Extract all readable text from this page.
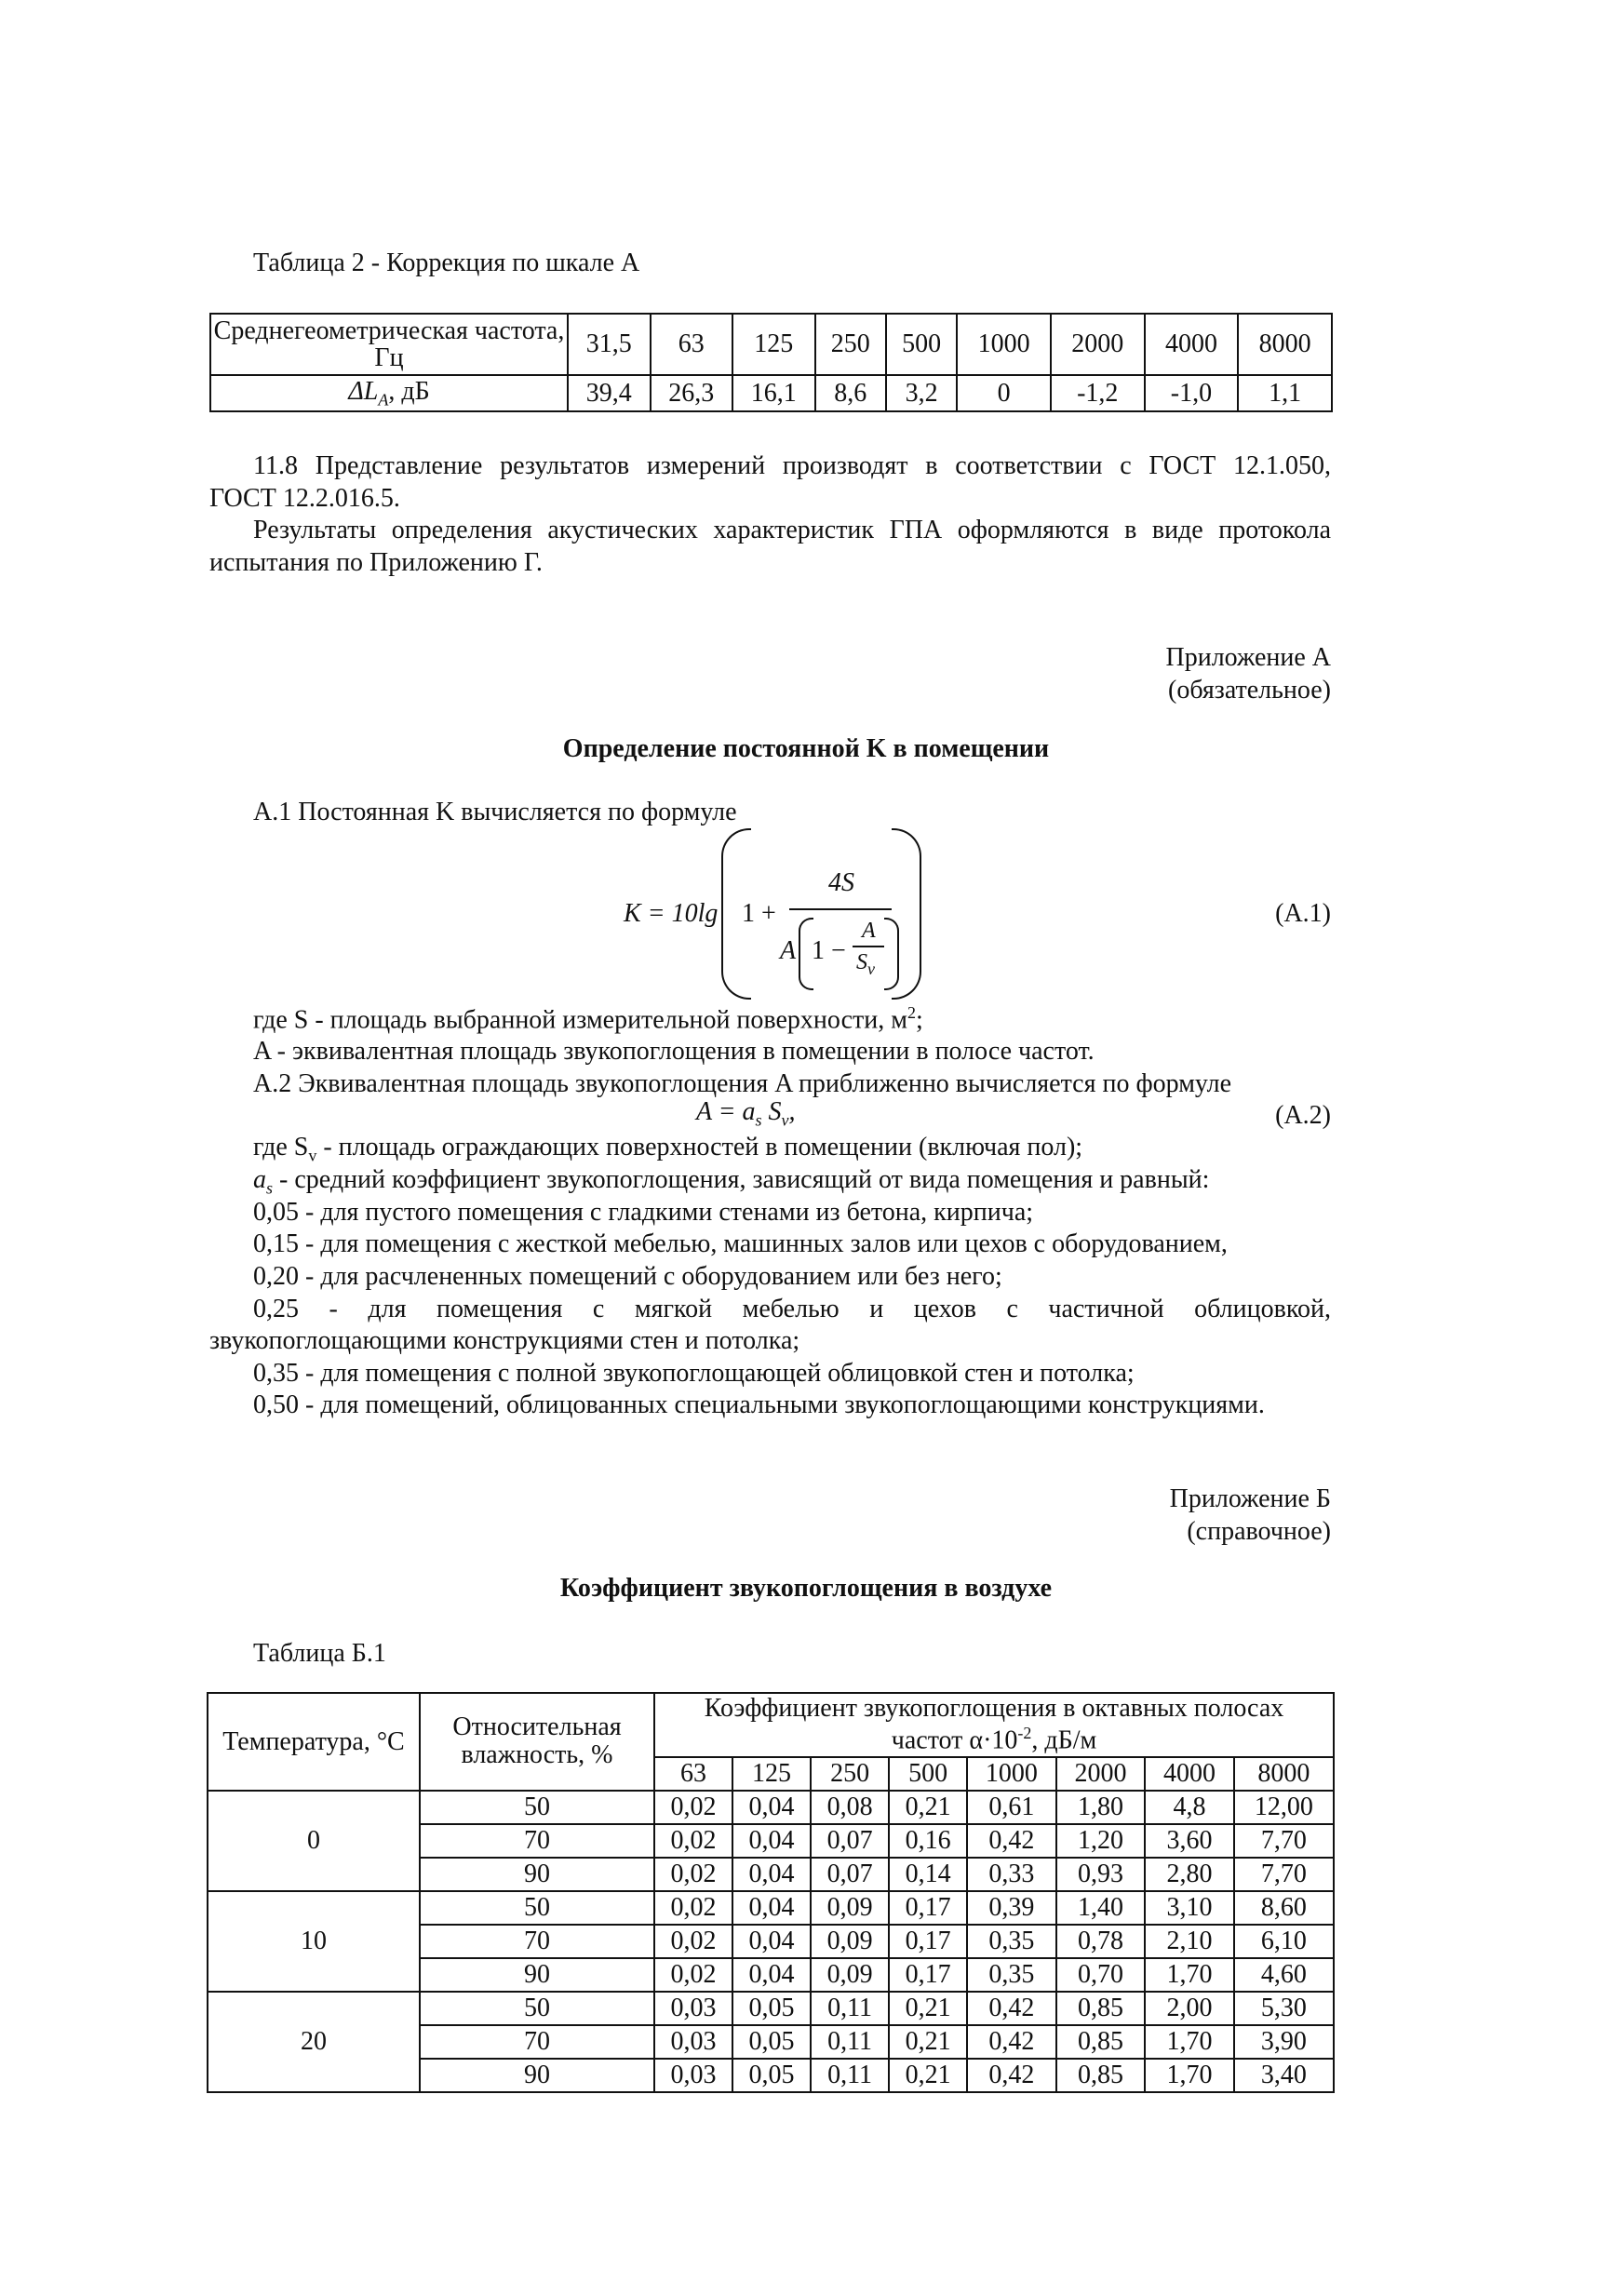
Таблица 2 - Коррекция по шкале A
Среднегеометрическая частота, Гц	31,5	63	125	250	500	1000	2000	4000	8000
$\Delta L_A$, дБ	39,4	26,3	16,1	8,6	3,2	0	-1,2	-1,0	1,1
11.8 Представление результатов измерений производят в соответствии с ГОСТ 12.1.050,
ГОСТ 12.2.016.5.
Результаты определения акустических характеристик ГПА оформляются в виде протокола
испытания по Приложению Г.
Приложение А
(обязательное)
Определение постоянной K в помещении
А.1 Постоянная K вычисляется по формуле
K = 10lg 1 +
4S
A 1 −
A
$S_v$
(А.1)
где S - площадь выбранной измерительной поверхности, $м^2$;
A - эквивалентная площадь звукопоглощения в помещении в полосе частот.
А.2 Эквивалентная площадь звукопоглощения A приближенно вычисляется по формуле
$A = a_s$ $S_v$,	(А.2)
где $S_v$ - площадь ограждающих поверхностей в помещении (включая пол);
$a_s$ - средний коэффициент звукопоглощения, зависящий от вида помещения и равный:
0,05 - для пустого помещения с гладкими стенами из бетона, кирпича;
0,15 - для помещения с жесткой мебелью, машинных залов или цехов с оборудованием,
0,20 - для расчлененных помещений с оборудованием или без него;
0,25 - для помещения с мягкой мебелью и цехов с частичной облицовкой,
звукопоглощающими конструкциями стен и потолка;
0,35 - для помещения с полной звукопоглощающей облицовкой стен и потолка;
0,50 - для помещений, облицованных специальными звукопоглощающими конструкциями.
Приложение Б
(справочное)
Коэффициент звукопоглощения в воздухе
Таблица Б.1
Температура, °С	Относительная влажность, %	Коэффициент звукопоглощения в октавных полосах
частот $\alpha\cdot 10^{-2}$, дБ/м							

		63	125	250	500	1000	2000	4000	8000
0	50	0,02	0,04	0,08	0,21	0,61	1,80	4,8	12,00
	70	0,02	0,04	0,07	0,16	0,42	1,20	3,60	7,70
	90	0,02	0,04	0,07	0,14	0,33	0,93	2,80	7,70
10	50	0,02	0,04	0,09	0,17	0,39	1,40	3,10	8,60
	70	0,02	0,04	0,09	0,17	0,35	0,78	2,10	6,10
	90	0,02	0,04	0,09	0,17	0,35	0,70	1,70	4,60
20	50	0,03	0,05	0,11	0,21	0,42	0,85	2,00	5,30
	70	0,03	0,05	0,11	0,21	0,42	0,85	1,70	3,90
	90	0,03	0,05	0,11	0,21	0,42	0,85	1,70	3,40
